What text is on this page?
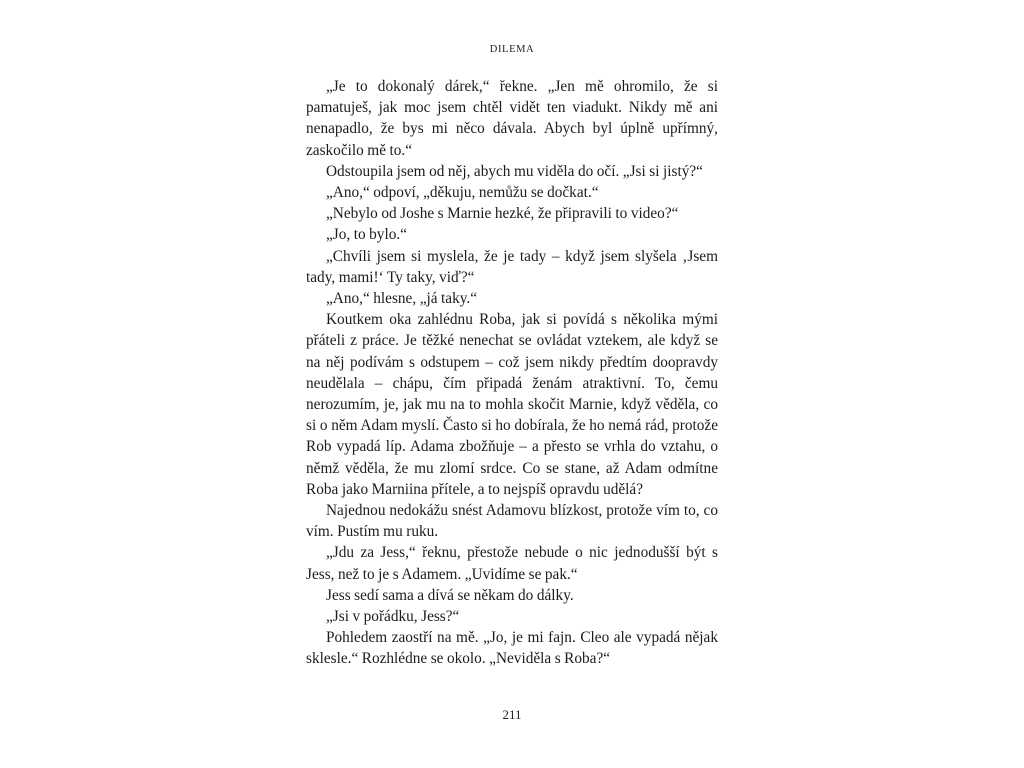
DILEMA

„Je to dokonalý dárek,“ řekne. „Jen mě ohromilo, že si pamatuješ, jak moc jsem chtěl vidět ten viadukt. Nikdy mě ani nenapadlo, že bys mi něco dávala. Abych byl úplně upřímný, zaskočilo mě to.“

Odstoupila jsem od něj, abych mu viděla do očí. „Jsi si jistý?“

„Ano,“ odpoví, „děkuju, nemůžu se dočkat.“

„Nebylo od Joshe s Marnie hezké, že připravili to video?“

„Jo, to bylo.“

„Chvíli jsem si myslela, že je tady – když jsem slyšela ‚Jsem tady, mami!‘ Ty taky, viď?“

„Ano,“ hlesne, „já taky.“

Koutkem oka zahlédnu Roba, jak si povídá s několika mými přáteli z práce. Je těžké nenechat se ovládat vztekem, ale když se na něj podívám s odstupem – což jsem nikdy předtím doopravdy neudělala – chápu, čím připadá ženám atraktivní. To, čemu nerozumím, je, jak mu na to mohla skočit Marnie, když věděla, co si o něm Adam myslí. Často si ho dobírala, že ho nemá rád, protože Rob vypadá líp. Adama zbožňuje – a přesto se vrhla do vztahu, o němž věděla, že mu zlomí srdce. Co se stane, až Adam odmítne Roba jako Marniina přítele, a to nejspíš opravdu udělá?

Najednou nedokážu snést Adamovu blízkost, protože vím to, co vím. Pustím mu ruku.

„Jdu za Jess,“ řeknu, přestože nebude o nic jednodušší být s Jess, než to je s Adamem. „Uvidíme se pak.“

Jess sedí sama a dívá se někam do dálky.

„Jsi v pořádku, Jess?“

Pohledem zaostří na mě. „Jo, je mi fajn. Cleo ale vypadá nějak sklesle.“ Rozhlédne se okolo. „Neviděla s Roba?“

211
